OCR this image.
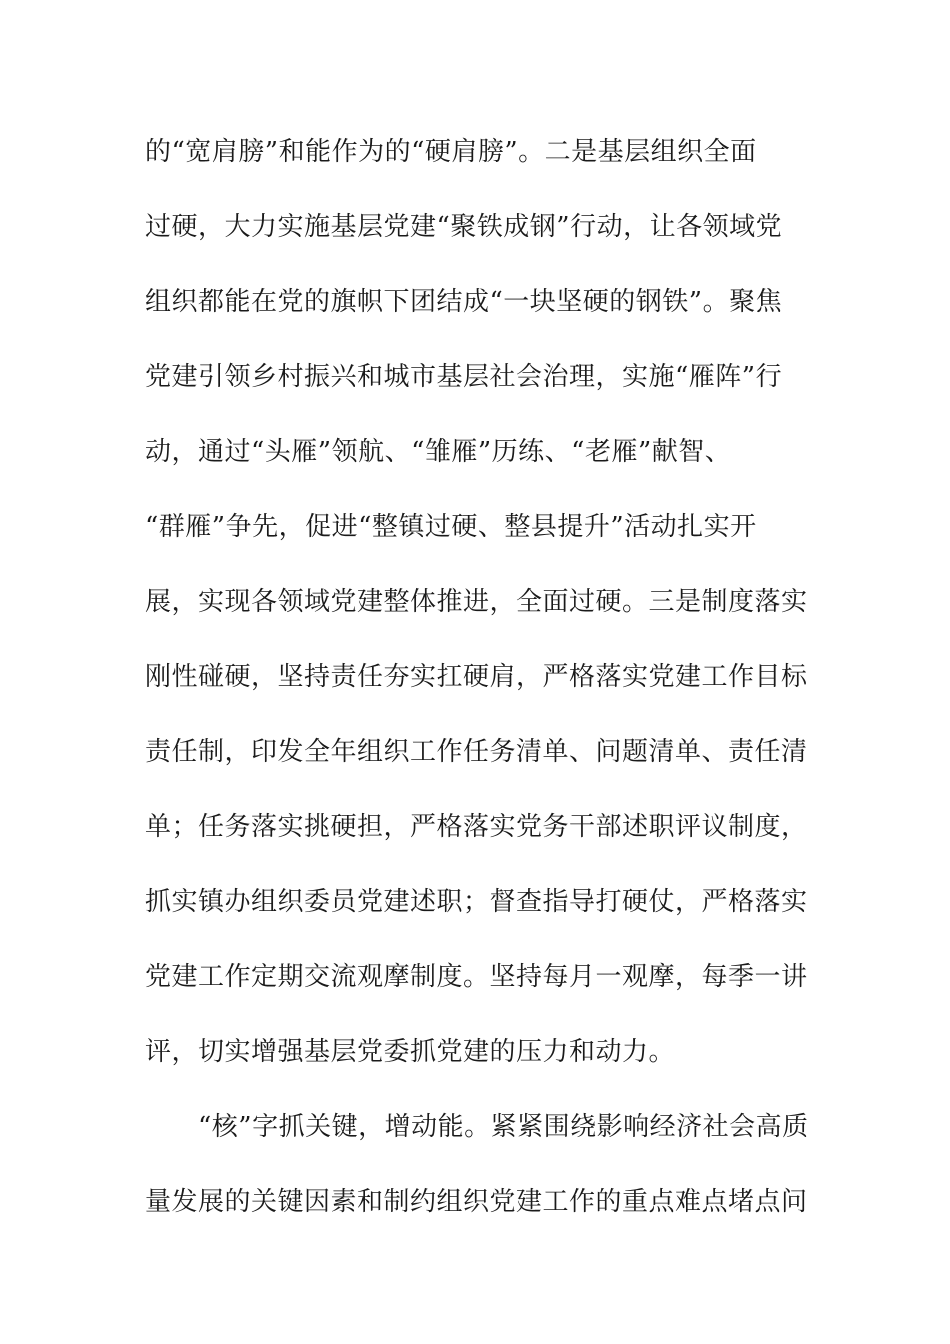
的“宽肩膀”和能作为的“硬肩膀”。二是基层组织全面
过硬，大力实施基层党建“聚铁成钢”行动，让各领域党
组织都能在党的旗帜下团结成“一块坚硬的钢铁”。聚焦
党建引领乡村振兴和城市基层社会治理，实施“雁阵”行
动，通过“头雁”领航、“雏雁”历练、“老雁”献智、
“群雁”争先，促进“整镇过硬、整县提升”活动扎实开
展，实现各领域党建整体推进，全面过硬。三是制度落实
刚性碰硬，坚持责任夯实扛硬肩，严格落实党建工作目标
责任制，印发全年组织工作任务清单、问题清单、责任清
单；任务落实挑硬担，严格落实党务干部述职评议制度，
抓实镇办组织委员党建述职；督查指导打硬仗，严格落实
党建工作定期交流观摩制度。坚持每月一观摩，每季一讲
评，切实增强基层党委抓党建的压力和动力。
　　“核”字抓关键，增动能。紧紧围绕影响经济社会高质
量发展的关键因素和制约组织党建工作的重点难点堵点问
